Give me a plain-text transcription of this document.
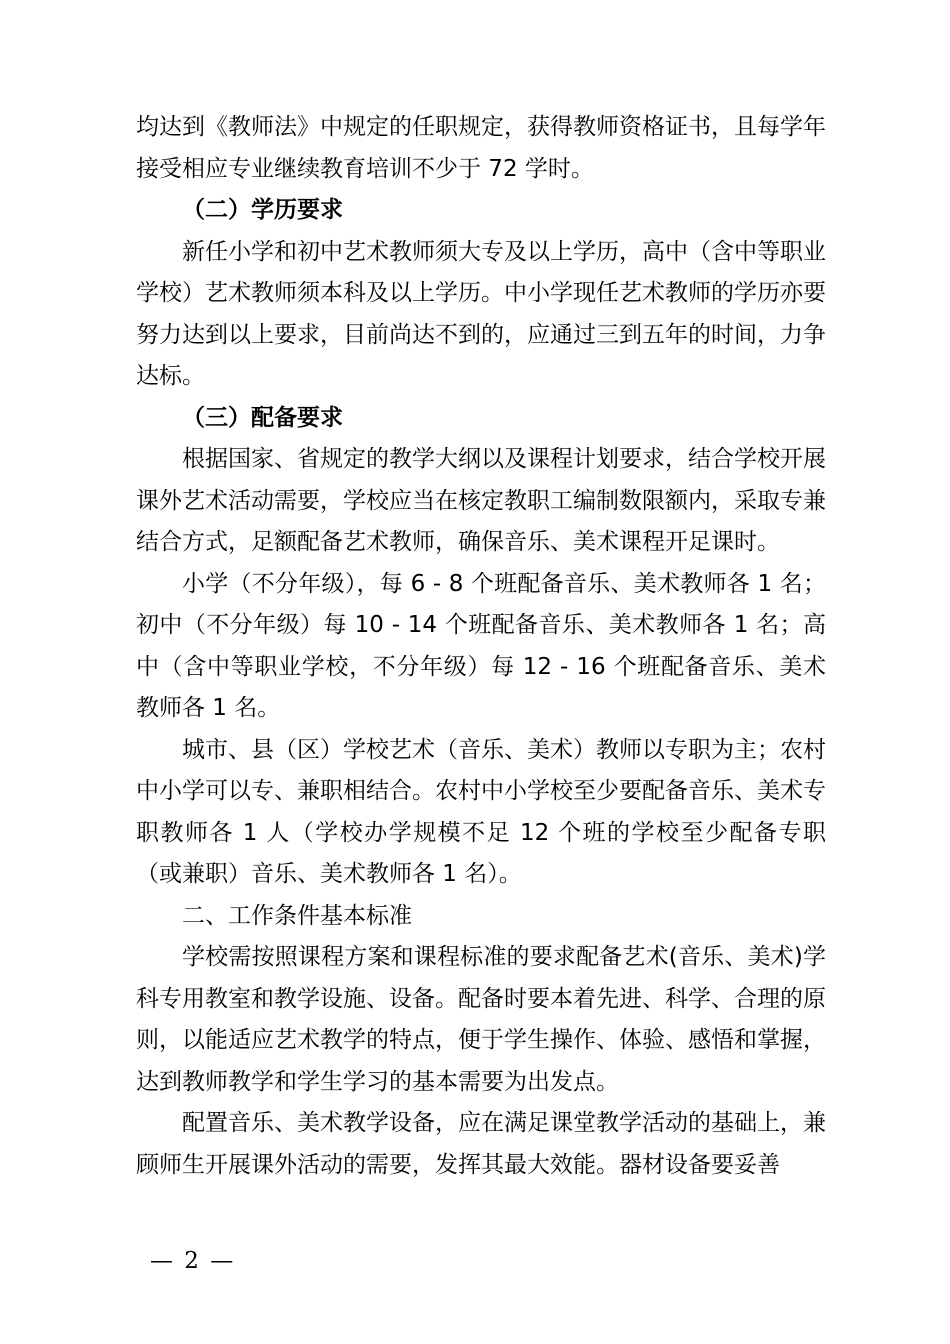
均达到《教师法》中规定的任职规定，获得教师资格证书，且每学年接受相应专业继续教育培训不少于 72 学时。

（二）学历要求

新任小学和初中艺术教师须大专及以上学历，高中（含中等职业学校）艺术教师须本科及以上学历。中小学现任艺术教师的学历亦要努力达到以上要求，目前尚达不到的，应通过三到五年的时间，力争达标。

（三）配备要求

根据国家、省规定的教学大纲以及课程计划要求，结合学校开展课外艺术活动需要，学校应当在核定教职工编制数限额内，采取专兼结合方式，足额配备艺术教师，确保音乐、美术课程开足课时。

小学（不分年级），每 6 - 8 个班配备音乐、美术教师各 1 名；初中（不分年级）每 10 - 14 个班配备音乐、美术教师各 1 名；高中（含中等职业学校，不分年级）每 12 - 16 个班配备音乐、美术教师各 1 名。

城市、县（区）学校艺术（音乐、美术）教师以专职为主；农村中小学可以专、兼职相结合。农村中小学校至少要配备音乐、美术专职教师各 1 人（学校办学规模不足 12 个班的学校至少配备专职（或兼职）音乐、美术教师各 1 名）。

二、工作条件基本标准

学校需按照课程方案和课程标准的要求配备艺术(音乐、美术)学科专用教室和教学设施、设备。配备时要本着先进、科学、合理的原则，以能适应艺术教学的特点，便于学生操作、体验、感悟和掌握，达到教师教学和学生学习的基本需要为出发点。

配置音乐、美术教学设备，应在满足课堂教学活动的基础上，兼顾师生开展课外活动的需要，发挥其最大效能。器材设备要妥善

— 2 —
